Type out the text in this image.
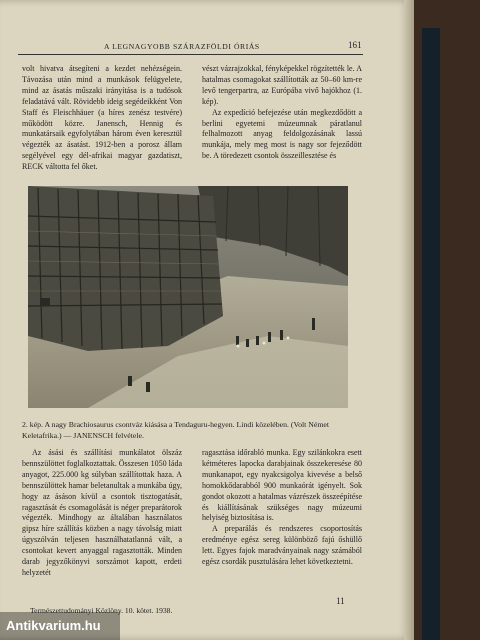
A LEGNAGYOBB SZÁRAZFÖLDI ÓRIÁS	161

volt hivatva átsegíteni a kezdet nehézségein. Távozása után mind a munkások felügyelete, mind az ásatás műszaki irányítása is a tudósok feladatává vált. Rövidebb ideig segédeikként Von Staff és Fleischhäuer (a híres zenész testvére) működött közre. Janensch, Hennig és munkatársaik egyfolytában három éven keresztül végezték az ásatást. 1912-ben a porosz állam segélyével egy dél-afrikai magyar gazdatiszt, RECK váltotta fel őket.

vészt vázrajzokkal, fényképekkel rögzítették le. A hatalmas csomagokat szállították az 50–60 km-re levő tengerpartra, az Európába vivő hajókhoz (1. kép).

Az expedíció befejezése után megkezdődött a berlini egyetemi múzeumnak páratlanul felhalmozott anyag feldolgozásának lassú munkája, mely meg most is nagy sor fejeződött be. A töredezett csontok összeillesztése és

2. kép. A nagy Brachiosaurus csontváz kiásása a Tendaguru-hegyen. Lindi közelében. (Volt Német Keletafrika.) — JANENSCH felvétele.

Az ásási és szállítási munkálatot ölszáz bennszülöttet foglalkoztattak. Összesen 1050 láda anyagot, 225.000 kg súlyban szállítottak haza. A bennszülöttek hamar beletanultak a munkába úgy, hogy az ásáson kívül a csontok tisztogatását, ragasztását és csomagolását is néger preparátorok végezték. Mindhogy az általában használatos gipsz híre szállítás közben a nagy távolság miatt úgyszólván teljesen használhatatlanná vált, a csontokat kevert anyaggal ragasztották. Minden darab jegyzőkönyvi sorszámot kapott, erdeti helyzetét

ragasztása időrabló munka. Egy szilánkokra esett kétméteres lapocka darabjainak összekeresése 80 munkanapot, egy nyakcsigolya kivevése a belső homokkődarabból 900 munkaórát igényelt. Sok gondot okozott a hatalmas vázrészek összeépítése és kiállításának szükséges nagy múzeumi helyiség biztosítása is.

A preparálás és rendszeres csoportosítás eredménye egész sereg különböző fajú őshüllő lett. Egyes fajok maradványainak nagy számából egész csordák pusztulására lehet következtetni.

11
Természettudományi Közlöny. 10. kötet. 1938.
Antikvarium.hu
